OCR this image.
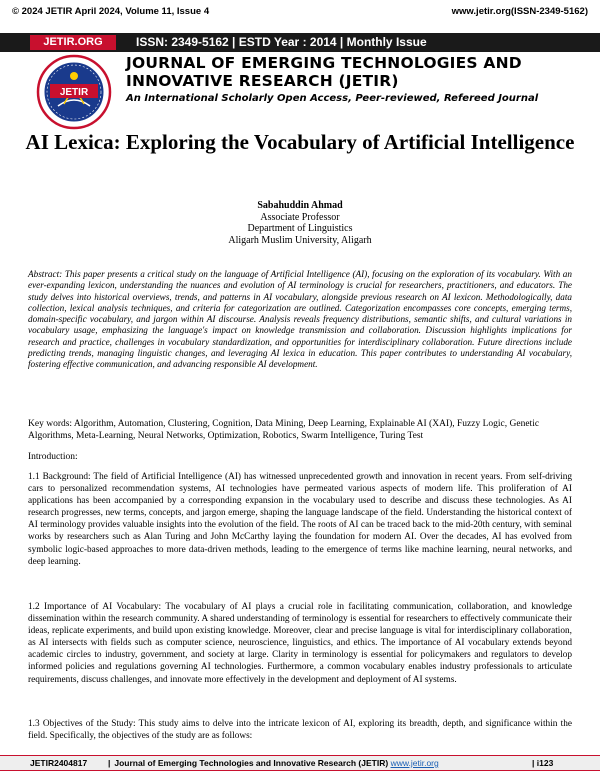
© 2024 JETIR April 2024, Volume 11, Issue 4	www.jetir.org(ISSN-2349-5162)
JETIR.ORG	ISSN: 2349-5162 | ESTD Year : 2014 | Monthly Issue
JETIR
JOURNAL OF EMERGING TECHNOLOGIES AND INNOVATIVE RESEARCH (JETIR)
An International Scholarly Open Access, Peer-reviewed, Refereed Journal
AI Lexica: Exploring the Vocabulary of Artificial Intelligence
Sabahuddin Ahmad
Associate Professor
Department of Linguistics
Aligarh Muslim University, Aligarh

Abstract: This paper presents a critical study on the language of Artificial Intelligence (AI), focusing on the exploration of its vocabulary. With an ever-expanding lexicon, understanding the nuances and evolution of AI terminology is crucial for researchers, practitioners, and educators. The study delves into historical overviews, trends, and patterns in AI vocabulary, alongside previous research on AI lexicon. Methodologically, data collection, lexical analysis techniques, and criteria for categorization are outlined. Categorization encompasses core concepts, emerging terms, domain-specific vocabulary, and jargon within AI discourse. Analysis reveals frequency distributions, semantic shifts, and cultural variations in vocabulary usage, emphasizing the language's impact on knowledge transmission and collaboration. Discussion highlights implications for research and practice, challenges in vocabulary standardization, and opportunities for interdisciplinary collaboration. Future directions include predicting trends, managing linguistic changes, and leveraging AI lexica in education. This paper contributes to understanding AI vocabulary, fostering effective communication, and advancing responsible AI development.

Key words: Algorithm, Automation, Clustering, Cognition, Data Mining, Deep Learning, Explainable AI (XAI), Fuzzy Logic, Genetic Algorithms, Meta-Learning, Neural Networks, Optimization, Robotics, Swarm Intelligence, Turing Test

Introduction:

1.1 Background: The field of Artificial Intelligence (AI) has witnessed unprecedented growth and innovation in recent years. From self-driving cars to personalized recommendation systems, AI technologies have permeated various aspects of modern life. This proliferation of AI applications has been accompanied by a corresponding expansion in the vocabulary used to describe and discuss these technologies. As AI research progresses, new terms, concepts, and jargon emerge, shaping the language landscape of the field. Understanding the historical context of AI terminology provides valuable insights into the evolution of the field. The roots of AI can be traced back to the mid-20th century, with seminal works by researchers such as Alan Turing and John McCarthy laying the foundation for modern AI. Over the decades, AI has evolved from symbolic logic-based approaches to more data-driven methods, leading to the emergence of terms like machine learning, neural networks, and deep learning.

1.2 Importance of AI Vocabulary: The vocabulary of AI plays a crucial role in facilitating communication, collaboration, and knowledge dissemination within the research community. A shared understanding of terminology is essential for researchers to effectively communicate their ideas, replicate experiments, and build upon existing knowledge. Moreover, clear and precise language is vital for interdisciplinary collaboration, as AI intersects with fields such as computer science, neuroscience, linguistics, and ethics. The importance of AI vocabulary extends beyond academic circles to industry, government, and society at large. Clarity in terminology is essential for policymakers and regulators to develop informed policies and regulations governing AI technologies. Furthermore, a common vocabulary enables industry professionals to articulate requirements, discuss challenges, and innovate more effectively in the development and deployment of AI systems.

1.3 Objectives of the Study: This study aims to delve into the intricate lexicon of AI, exploring its breadth, depth, and significance within the field. Specifically, the objectives of the study are as follows:

JETIR2404817 | Journal of Emerging Technologies and Innovative Research (JETIR) www.jetir.org	| i123
